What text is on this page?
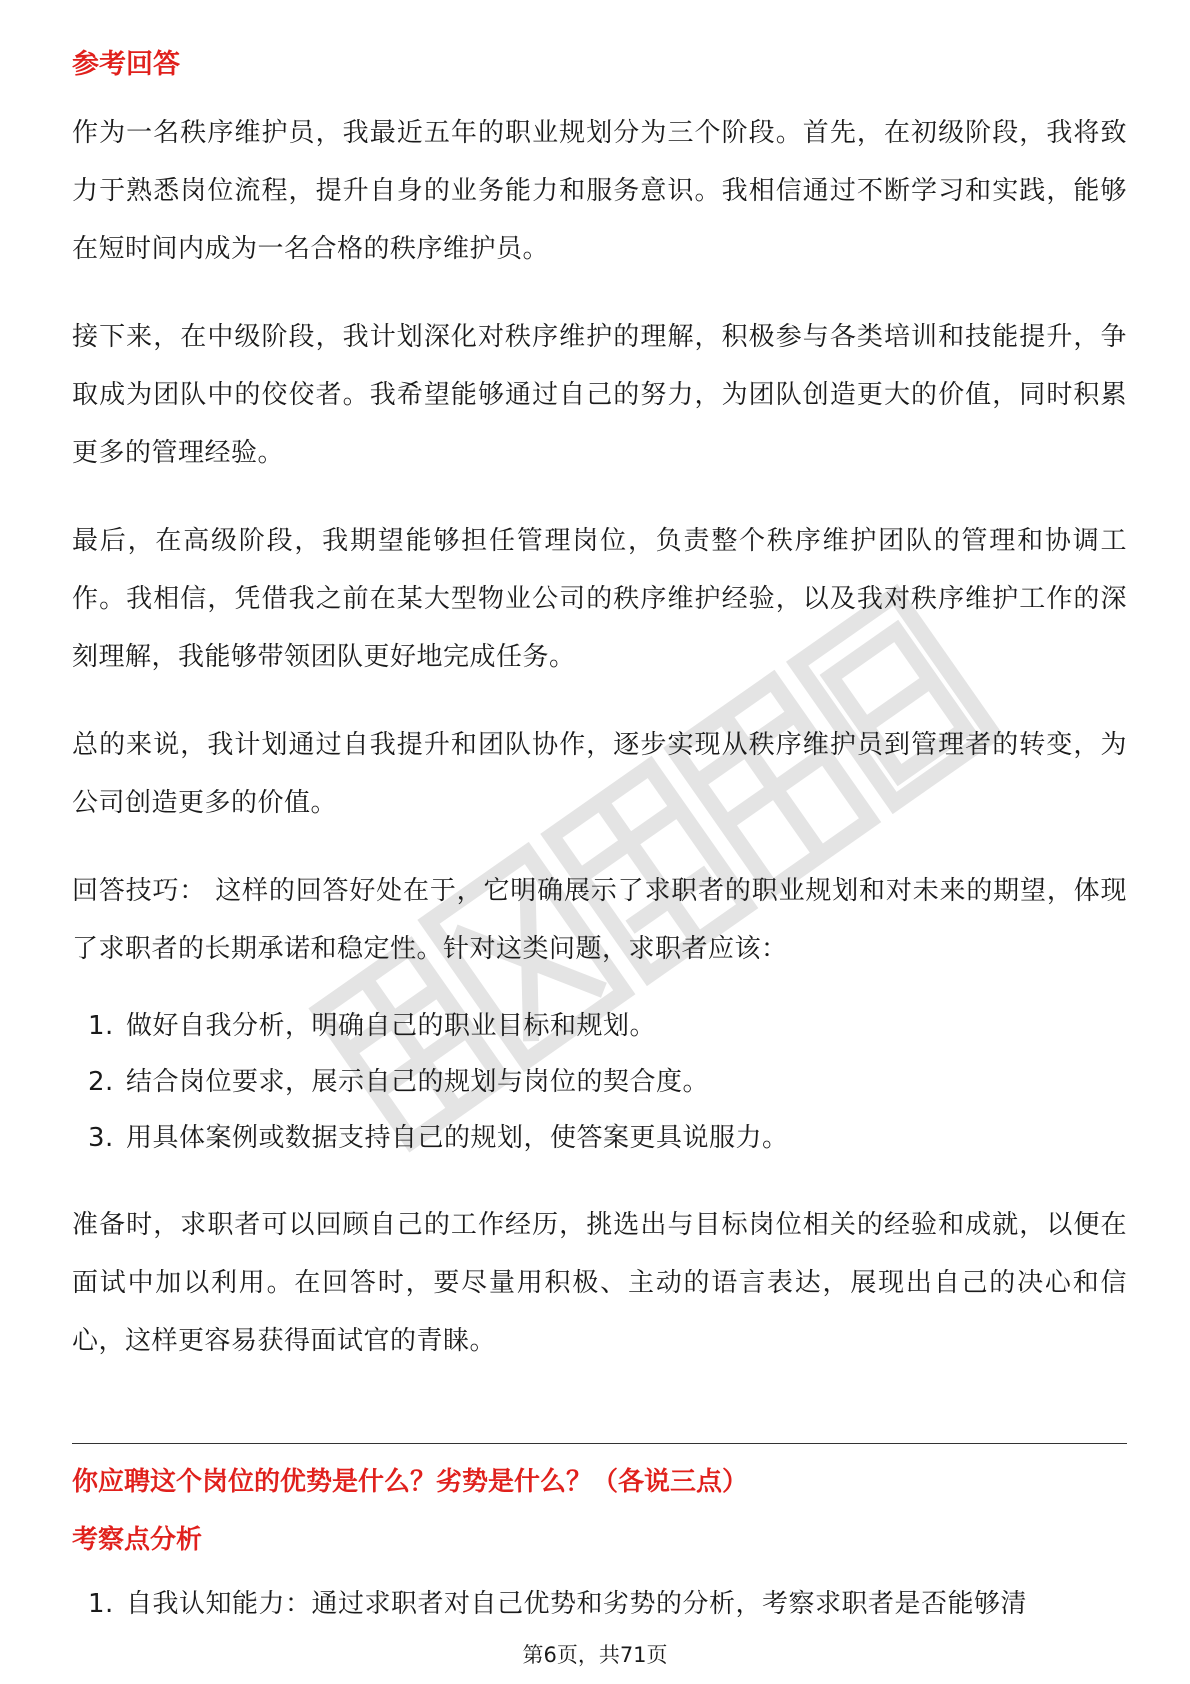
参考回答

作为一名秩序维护员，我最近五年的职业规划分为三个阶段。首先，在初级阶段，我将致力于熟悉岗位流程，提升自身的业务能力和服务意识。我相信通过不断学习和实践，能够在短时间内成为一名合格的秩序维护员。

接下来，在中级阶段，我计划深化对秩序维护的理解，积极参与各类培训和技能提升，争取成为团队中的佼佼者。我希望能够通过自己的努力，为团队创造更大的价值，同时积累更多的管理经验。

最后，在高级阶段，我期望能够担任管理岗位，负责整个秩序维护团队的管理和协调工作。我相信，凭借我之前在某大型物业公司的秩序维护经验，以及我对秩序维护工作的深刻理解，我能够带领团队更好地完成任务。

总的来说，我计划通过自我提升和团队协作，逐步实现从秩序维护员到管理者的转变，为公司创造更多的价值。

回答技巧： 这样的回答好处在于，它明确展示了求职者的职业规划和对未来的期望，体现了求职者的长期承诺和稳定性。针对这类问题，求职者应该：

1. 做好自我分析，明确自己的职业目标和规划。
2. 结合岗位要求，展示自己的规划与岗位的契合度。
3. 用具体案例或数据支持自己的规划，使答案更具说服力。

准备时，求职者可以回顾自己的工作经历，挑选出与目标岗位相关的经验和成就，以便在面试中加以利用。在回答时，要尽量用积极、主动的语言表达，展现出自己的决心和信心，这样更容易获得面试官的青睐。

你应聘这个岗位的优势是什么？劣势是什么？（各说三点）
考察点分析
1. 自我认知能力：通过求职者对自己优势和劣势的分析，考察求职者是否能够清
第6页，共71页
